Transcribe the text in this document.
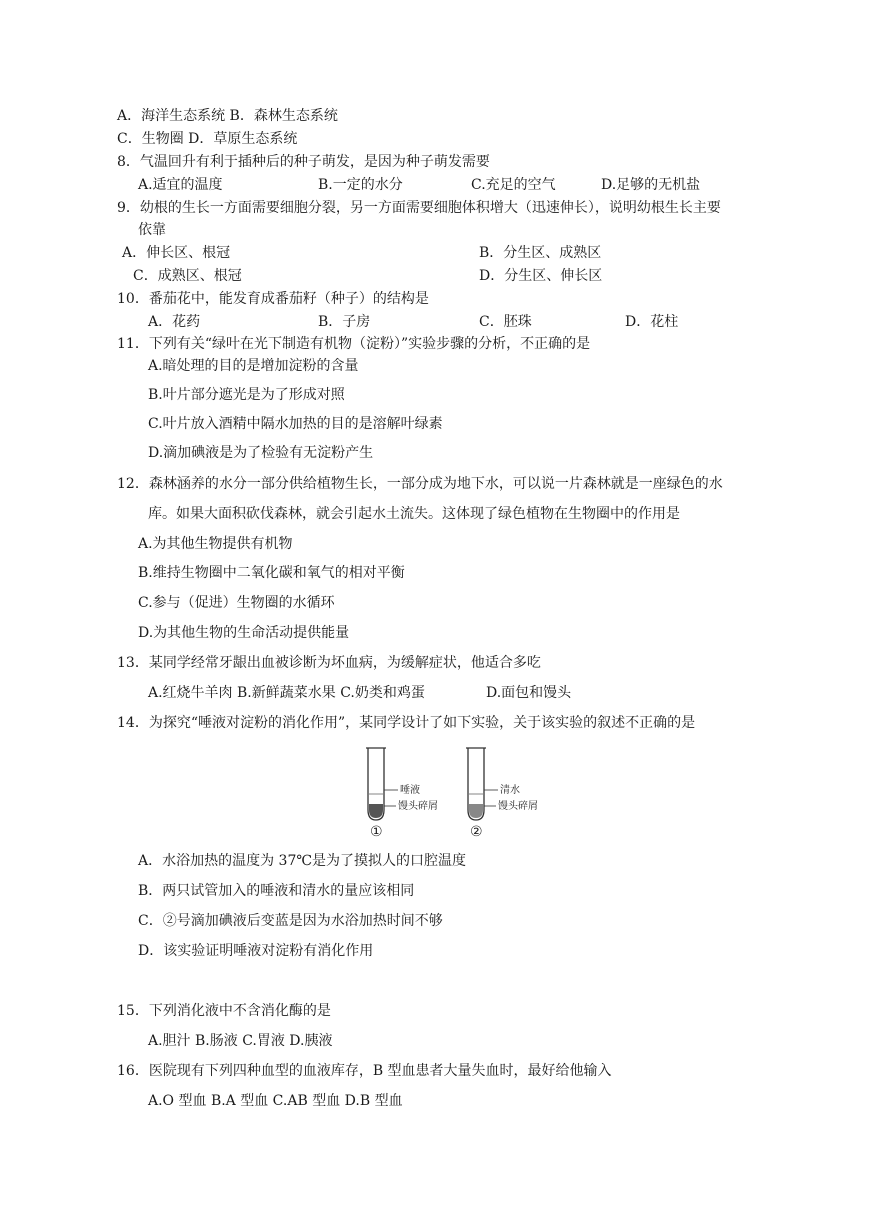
A．海洋生态系统 B．森林生态系统
C．生物圈 D．草原生态系统
8．气温回升有利于插种后的种子萌发，是因为种子萌发需要
A.适宜的温度	B.一定的水分	C.充足的空气	D.足够的无机盐
9．幼根的生长一方面需要细胞分裂，另一方面需要细胞体积增大（迅速伸长），说明幼根生长主要
依靠
A．伸长区、根冠	B．分生区、成熟区
C．成熟区、根冠	D．分生区、伸长区
10．番茄花中，能发育成番茄籽（种子）的结构是
A．花药	B．子房	C．胚珠	D．花柱
11．下列有关“绿叶在光下制造有机物（淀粉）”实验步骤的分析，不正确的是
A.暗处理的目的是增加淀粉的含量
B.叶片部分遮光是为了形成对照
C.叶片放入酒精中隔水加热的目的是溶解叶绿素
D.滴加碘液是为了检验有无淀粉产生
12．森林涵养的水分一部分供给植物生长，一部分成为地下水，可以说一片森林就是一座绿色的水
库。如果大面积砍伐森林，就会引起水土流失。这体现了绿色植物在生物圈中的作用是
A.为其他生物提供有机物
B.维持生物圈中二氧化碳和氧气的相对平衡
C.参与（促进）生物圈的水循环
D.为其他生物的生命活动提供能量
13．某同学经常牙龈出血被诊断为坏血病，为缓解症状，他适合多吃
A.红烧牛羊肉 B.新鲜蔬菜水果 C.奶类和鸡蛋	D.面包和馒头
14．为探究“唾液对淀粉的消化作用”，某同学设计了如下实验，关于该实验的叙述不正确的是
唾液
馒头碎屑
①
清水
馒头碎屑
②
A．水浴加热的温度为 37℃是为了摸拟人的口腔温度
B．两只试管加入的唾液和清水的量应该相同
C．②号滴加碘液后变蓝是因为水浴加热时间不够
D．该实验证明唾液对淀粉有消化作用
15．下列消化液中不含消化酶的是
A.胆汁 B.肠液 C.胃液 D.胰液
16．医院现有下列四种血型的血液库存，B 型血患者大量失血时，最好给他输入
A.O 型血 B.A 型血 C.AB 型血 D.B 型血
